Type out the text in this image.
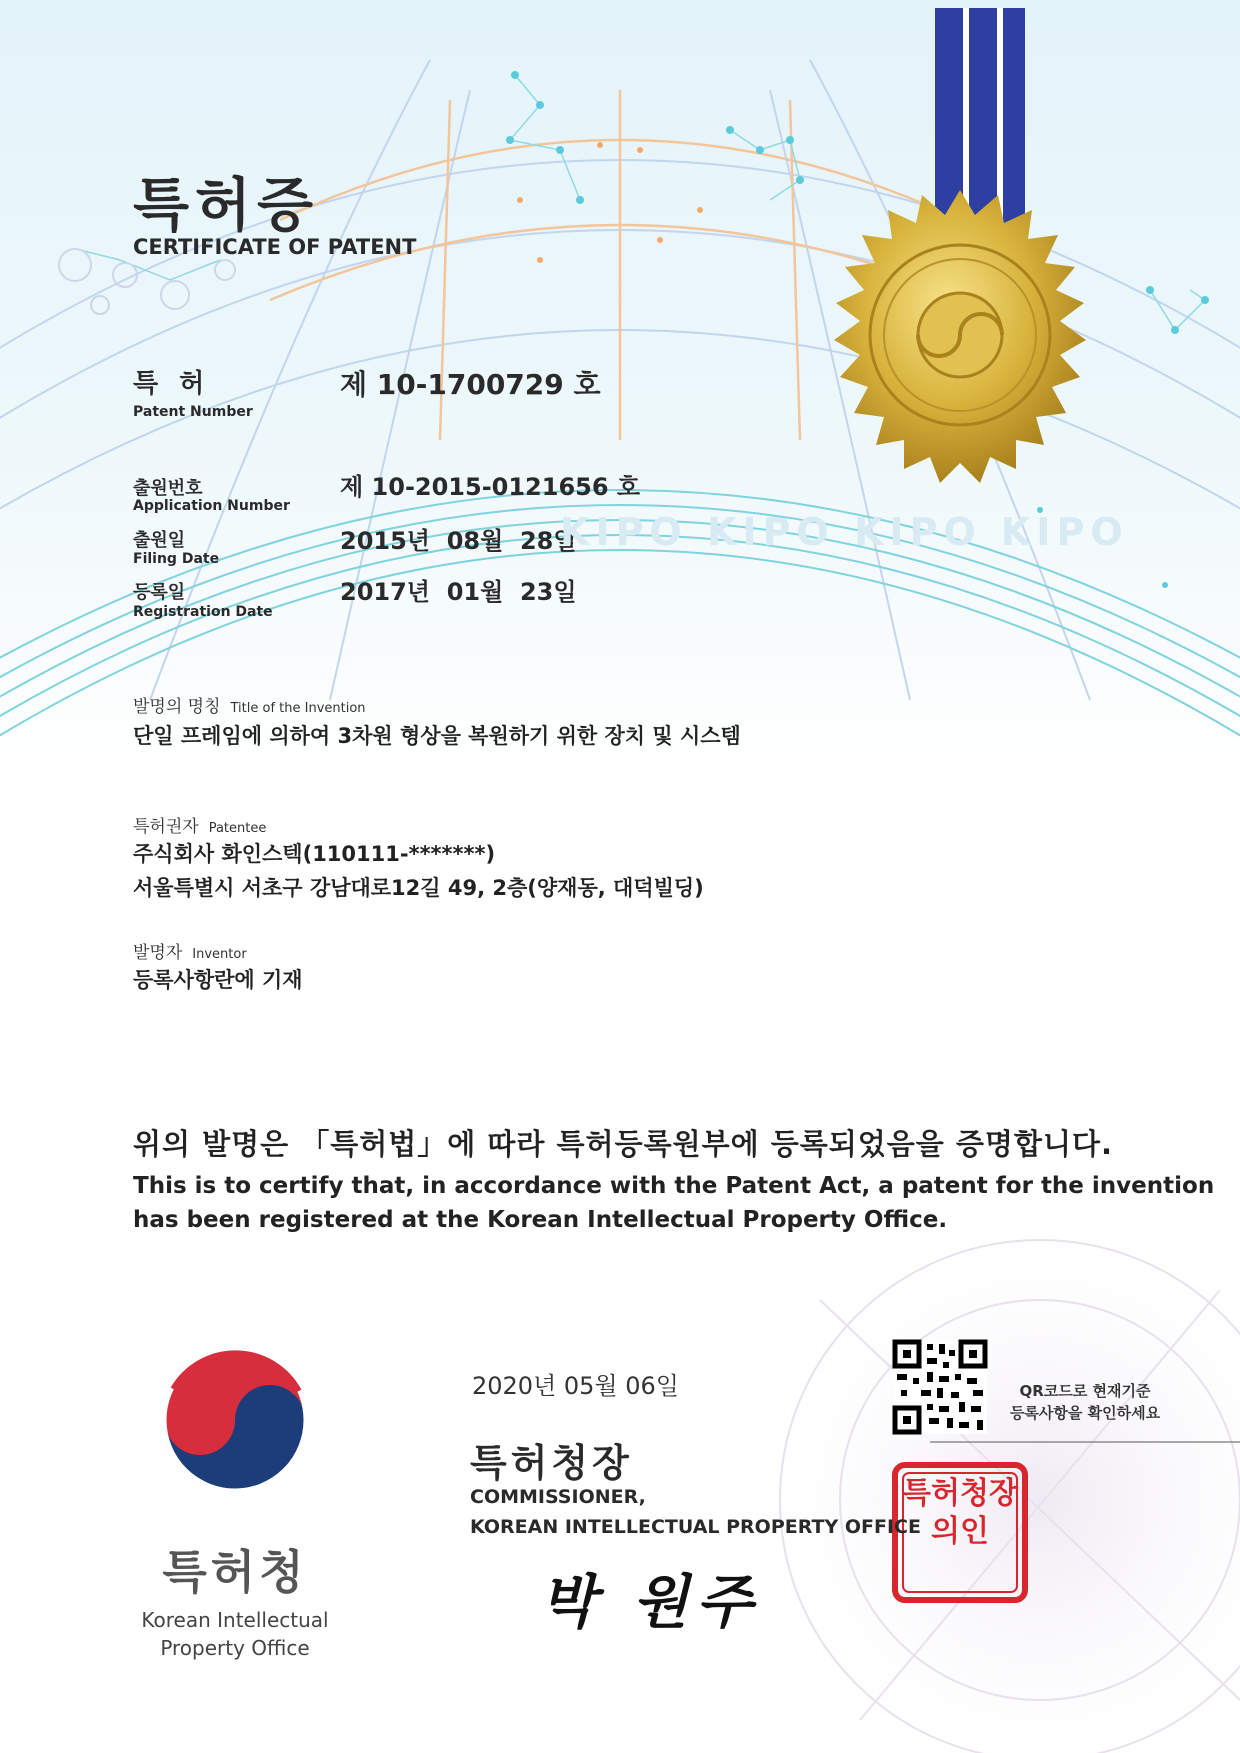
특허증
CERTIFICATE OF PATENT
특 허
Patent Number
제 10-1700729 호
출원번호
Application Number
제 10-2015-0121656 호
출원일
Filing Date
2015년  08월  28일
등록일
Registration Date
2017년  01월  23일
KIPO KIPO KIPO KIPO
발명의 명칭 Title of the Invention
단일 프레임에 의하여 3차원 형상을 복원하기 위한 장치 및 시스템
특허권자 Patentee
주식회사 화인스텍(110111-*******)
서울특별시 서초구 강남대로12길 49, 2층(양재동, 대덕빌딩)
발명자 Inventor
등록사항란에 기재
위의 발명은 「특허법」에 따라 특허등록원부에 등록되었음을 증명합니다.
This is to certify that, in accordance with the Patent Act, a patent for the invention
has been registered at the Korean Intellectual Property Office.
2020년 05월 06일
특허청장
COMMISSIONER,
KOREAN INTELLECTUAL PROPERTY OFFICE
박 원주
특허청장의인
QR코드로 현재기준
등록사항을 확인하세요
특허청
Korean Intellectual
Property Office
